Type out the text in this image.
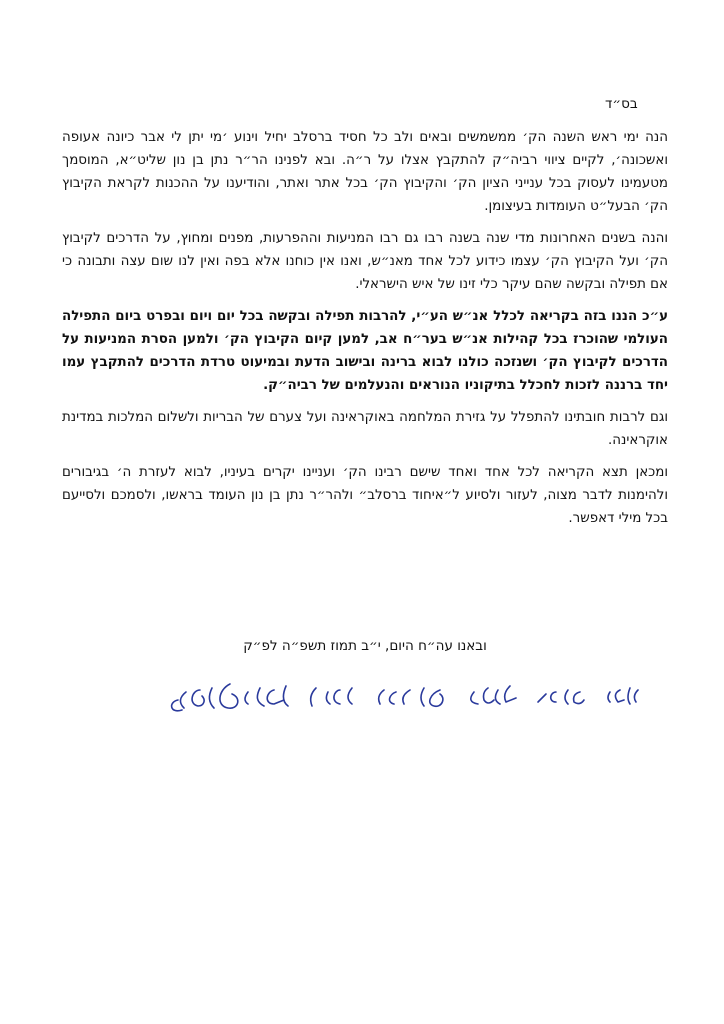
בס״ד

הנה ימי ראש השנה הק׳ ממשמשים ובאים ולב כל חסיד ברסלב יחיל וינוע ׳מי יתן לי אבר כיונה אעופה ואשכונה׳, לקיים ציווי רביה״ק להתקבץ אצלו על ר״ה. ובא לפנינו הר״ר נתן בן נון שליט״א, המוסמך מטעמינו לעסוק בכל ענייני הציון הק׳ והקיבוץ הק׳ בכל אתר ואתר, והודיענו על ההכנות לקראת הקיבוץ הק׳ הבעל״ט העומדות בעיצומן.

והנה בשנים האחרונות מדי שנה בשנה רבו גם רבו המניעות וההפרעות, מפנים ומחוץ, על הדרכים לקיבוץ הק׳ ועל הקיבוץ הק׳ עצמו כידוע לכל אחד מאנ״ש, ואנו אין כוחנו אלא בפה ואין לנו שום עצה ותבונה כי אם תפילה ובקשה שהם עיקר כלי זינו של איש הישראלי.

ע״כ הננו בזה בקריאה לכלל אנ״ש הע״י, להרבות תפילה ובקשה בכל יום ויום ובפרט ביום התפילה העולמי שהוכרז בכל קהילות אנ״ש בער״ח אב, למען קיום הקיבוץ הק׳ ולמען הסרת המניעות על הדרכים לקיבוץ הק׳ ושנזכה כולנו לבוא ברינה ובישוב הדעת ובמיעוט טרדת הדרכים להתקבץ עמו יחד ברננה לזכות לחכלל בתיקוניו הנוראים והנעלמים של רביה״ק.

וגם לרבות חובתינו להתפלל על גזירת המלחמה באוקראינה ועל צערם של הבריות ולשלום המלכות במדינת אוקראינה.

ומכאן תצא הקריאה לכל אחד ואחד שישם רבינו הק׳ ועניינו יקרים בעיניו, לבוא לעזרת ה׳ בגיבורים ולהימנות לדבר מצוה, לעזור ולסיוע ל״איחוד ברסלב״ ולהר״ר נתן בן נון העומד בראשו, ולסמכם ולסייעם בכל מילי דאפשר.

ובאנו עה״ח היום, י״ב תמוז תשפ״ה לפ״ק
